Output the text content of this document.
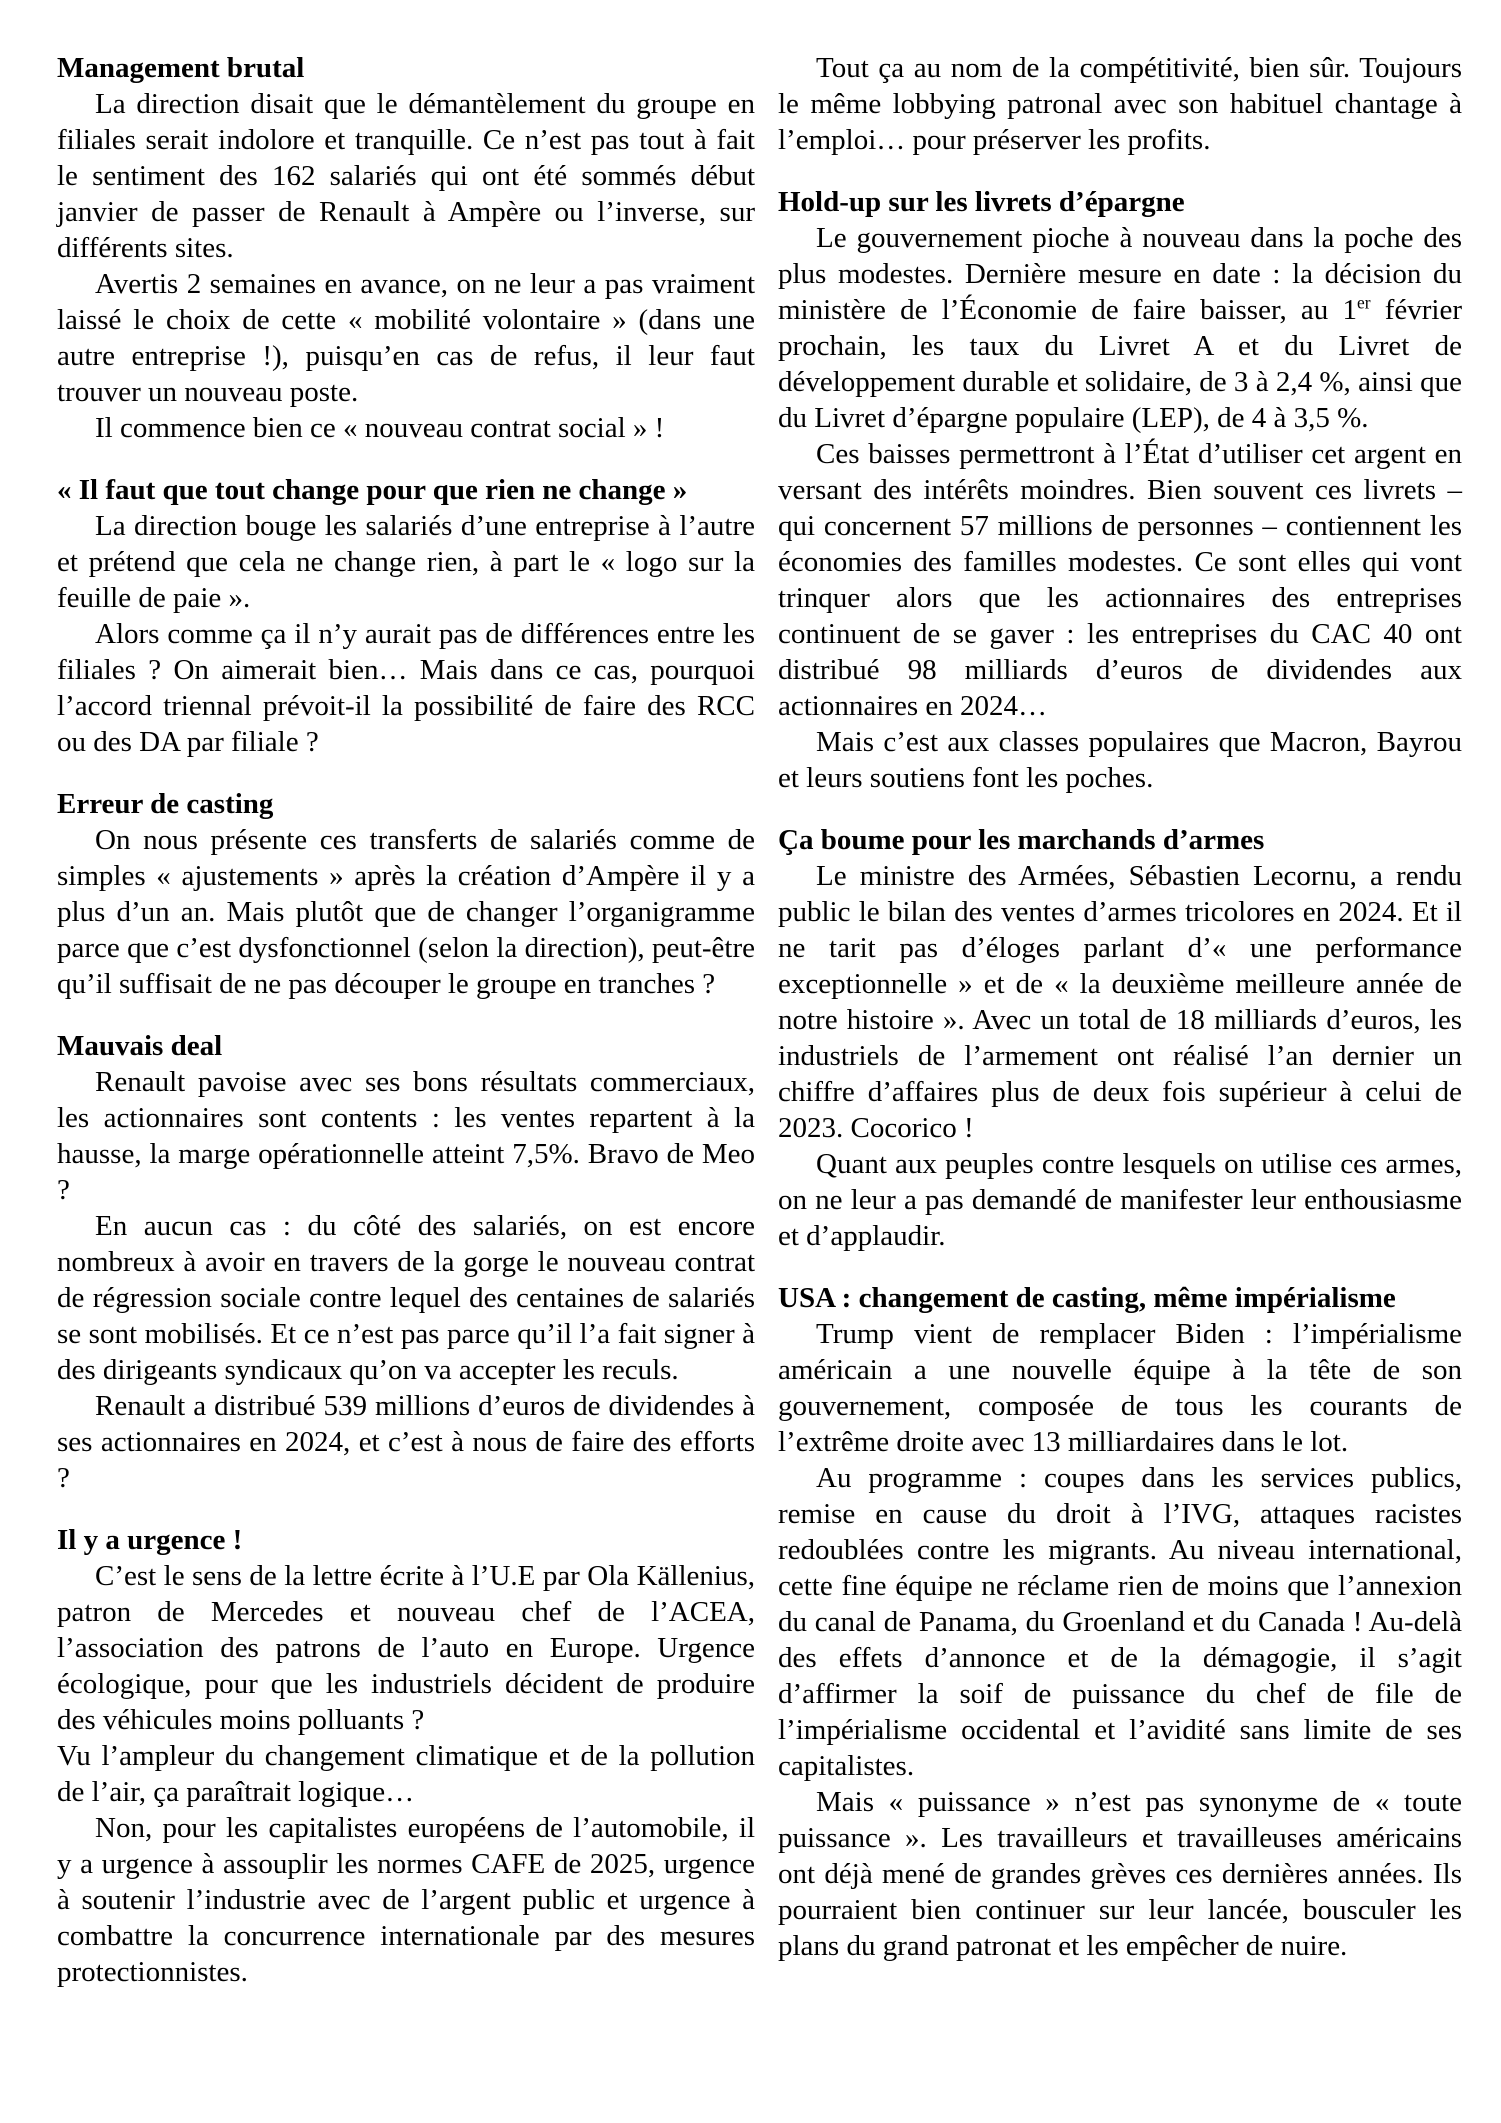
Management brutal

La direction disait que le démantèlement du groupe en filiales serait indolore et tranquille. Ce n’est pas tout à fait le sentiment des 162 salariés qui ont été sommés début janvier de passer de Renault à Ampère ou l’inverse, sur différents sites.

Avertis 2 semaines en avance, on ne leur a pas vraiment laissé le choix de cette « mobilité volontaire » (dans une autre entreprise !), puisqu’en cas de refus, il leur faut trouver un nouveau poste.

Il commence bien ce « nouveau contrat social » !

« Il faut que tout change pour que rien ne change »

La direction bouge les salariés d’une entreprise à l’autre et prétend que cela ne change rien, à part le « logo sur la feuille de paie ».

Alors comme ça il n’y aurait pas de différences entre les filiales ? On aimerait bien… Mais dans ce cas, pourquoi l’accord triennal prévoit-il la possibilité de faire des RCC ou des DA par filiale ?

Erreur de casting

On nous présente ces transferts de salariés comme de simples « ajustements » après la création d’Ampère il y a plus d’un an. Mais plutôt que de changer l’organigramme parce que c’est dysfonctionnel (selon la direction), peut-être qu’il suffisait de ne pas découper le groupe en tranches ?

Mauvais deal

Renault pavoise avec ses bons résultats commerciaux, les actionnaires sont contents : les ventes repartent à la hausse, la marge opérationnelle atteint 7,5%. Bravo de Meo ?

En aucun cas : du côté des salariés, on est encore nombreux à avoir en travers de la gorge le nouveau contrat de régression sociale contre lequel des centaines de salariés se sont mobilisés. Et ce n’est pas parce qu’il l’a fait signer à des dirigeants syndicaux qu’on va accepter les reculs.

Renault a distribué 539 millions d’euros de dividendes à ses actionnaires en 2024, et c’est à nous de faire des efforts ?

Il y a urgence !

C’est le sens de la lettre écrite à l’U.E par Ola Källenius, patron de Mercedes et nouveau chef de l’ACEA, l’association des patrons de l’auto en Europe. Urgence écologique, pour que les industriels décident de produire des véhicules moins polluants ?

Vu l’ampleur du changement climatique et de la pollution de l’air, ça paraîtrait logique…

Non, pour les capitalistes européens de l’automobile, il y a urgence à assouplir les normes CAFE de 2025, urgence à soutenir l’industrie avec de l’argent public et urgence à combattre la concurrence internationale par des mesures protectionnistes.

Tout ça au nom de la compétitivité, bien sûr. Toujours le même lobbying patronal avec son habituel chantage à l’emploi… pour préserver les profits.

Hold-up sur les livrets d’épargne

Le gouvernement pioche à nouveau dans la poche des plus modestes. Dernière mesure en date : la décision du ministère de l’Économie de faire baisser, au 1er février prochain, les taux du Livret A et du Livret de développement durable et solidaire, de 3 à 2,4 %, ainsi que du Livret d’épargne populaire (LEP), de 4 à 3,5 %.

Ces baisses permettront à l’État d’utiliser cet argent en versant des intérêts moindres. Bien souvent ces livrets – qui concernent 57 millions de personnes – contiennent les économies des familles modestes. Ce sont elles qui vont trinquer alors que les actionnaires des entreprises continuent de se gaver : les entreprises du CAC 40 ont distribué 98 milliards d’euros de dividendes aux actionnaires en 2024…

Mais c’est aux classes populaires que Macron, Bayrou et leurs soutiens font les poches.

Ça boume pour les marchands d’armes

Le ministre des Armées, Sébastien Lecornu, a rendu public le bilan des ventes d’armes tricolores en 2024. Et il ne tarit pas d’éloges parlant d’« une performance exceptionnelle » et de « la deuxième meilleure année de notre histoire ». Avec un total de 18 milliards d’euros, les industriels de l’armement ont réalisé l’an dernier un chiffre d’affaires plus de deux fois supérieur à celui de 2023. Cocorico !

Quant aux peuples contre lesquels on utilise ces armes, on ne leur a pas demandé de manifester leur enthousiasme et d’applaudir.

USA : changement de casting, même impérialisme

Trump vient de remplacer Biden : l’impérialisme américain a une nouvelle équipe à la tête de son gouvernement, composée de tous les courants de l’extrême droite avec 13 milliardaires dans le lot.

Au programme : coupes dans les services publics, remise en cause du droit à l’IVG, attaques racistes redoublées contre les migrants. Au niveau international, cette fine équipe ne réclame rien de moins que l’annexion du canal de Panama, du Groenland et du Canada ! Au-delà des effets d’annonce et de la démagogie, il s’agit d’affirmer la soif de puissance du chef de file de l’impérialisme occidental et l’avidité sans limite de ses capitalistes.

Mais « puissance » n’est pas synonyme de « toute puissance ». Les travailleurs et travailleuses américains ont déjà mené de grandes grèves ces dernières années. Ils pourraient bien continuer sur leur lancée, bousculer les plans du grand patronat et les empêcher de nuire.
